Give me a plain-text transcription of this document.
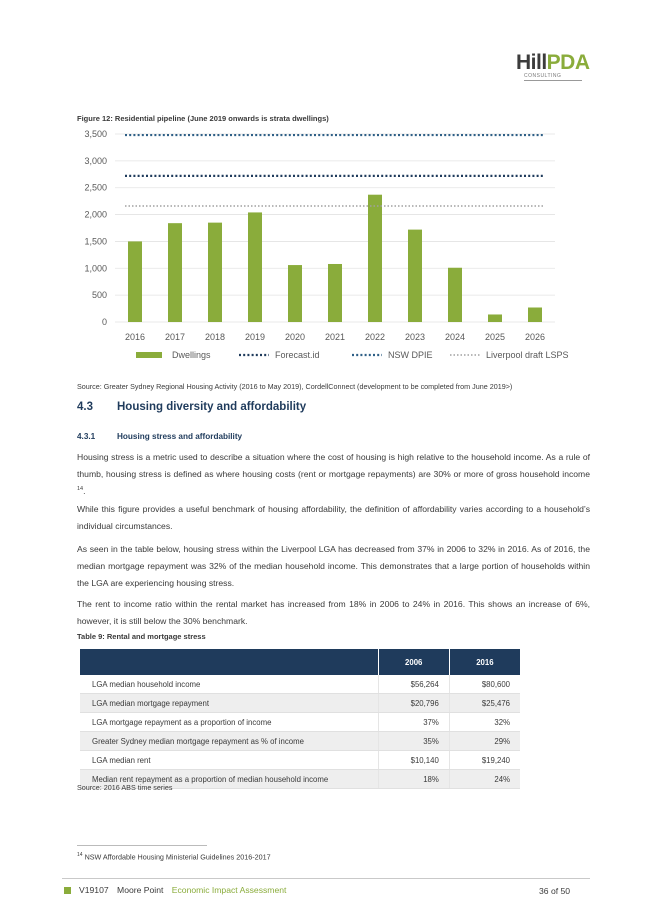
HillPDA
CONSULTING
Figure 12: Residential pipeline (June 2019 onwards is strata dwellings)
0
500
1,000
1,500
2,000
2,500
3,000
3,500
2016 2017 2018 2019 2020 2021 2022 2023 2024 2025 2026
Dwellings	Forecast.id	NSW DPIE	Liverpool draft LSPS
Source: Greater Sydney Regional Housing Activity (2016 to May 2019), CordellConnect (development to be completed from June 2019>)
4.3 Housing diversity and affordability
4.3.1	Housing stress and affordability
Housing stress is a metric used to describe a situation where the cost of housing is high relative to the household income. As a rule of thumb, housing stress is defined as where housing costs (rent or mortgage repayments) are 30% or more of gross household income $^{14}$.
While this figure provides a useful benchmark of housing affordability, the definition of affordability varies according to a household’s individual circumstances.
As seen in the table below, housing stress within the Liverpool LGA has decreased from 37% in 2006 to 32% in 2016. As of 2016, the median mortgage repayment was 32% of the median household income. This demonstrates that a large portion of households within the LGA are experiencing housing stress.
The rent to income ratio within the rental market has increased from 18% in 2006 to 24% in 2016. This shows an increase of 6%, however, it is still below the 30% benchmark.
Table 9: Rental and mortgage stress
	2006	2016
LGA median household income	$56,264	$80,600
LGA median mortgage repayment	$20,796	$25,476
LGA mortgage repayment as a proportion of income	37%	32%
Greater Sydney median mortgage repayment as % of income	35%	29%
LGA median rent	$10,140	$19,240
Median rent repayment as a proportion of median household income	18%	24%
Source: 2016 ABS time series
$^{14}$ NSW Affordable Housing Ministerial Guidelines 2016-2017
V19107 Moore Point Economic Impact Assessment	36 of 50
